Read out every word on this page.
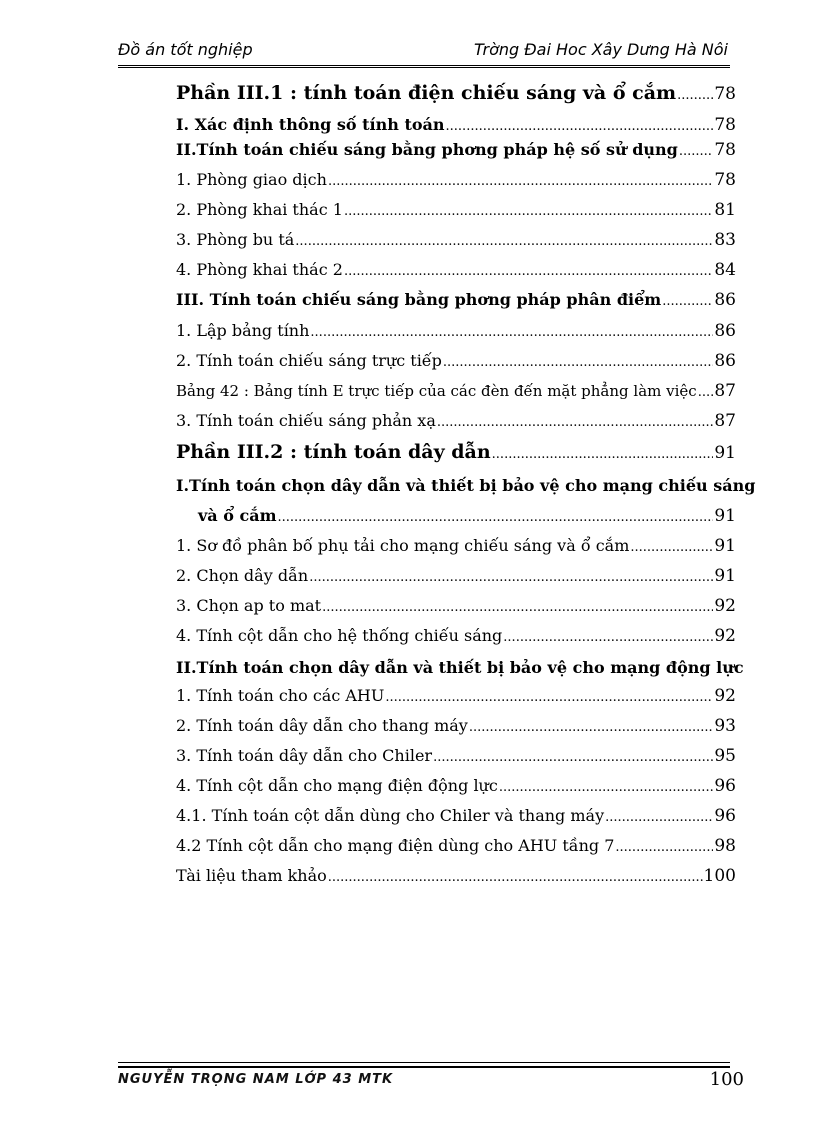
Đồ án tốt nghiệp	Trờng Đai Hoc Xây Dưng Hà Nôi
Phần III.1 : tính toán điện chiếu sáng và ổ cắm ..... 78
I. Xác định thông số tính toán .....	78
II.Tính toán chiếu sáng bằng phơng pháp hệ số sử dụng ..... 78
1. Phòng giao dịch .....	78
2. Phòng khai thác 1 .....	81
3. Phòng bu tá .....	83
4. Phòng khai thác 2 .....	84
III. Tính toán chiếu sáng bằng phơng pháp phân điểm .....	86
1. Lập bảng tính .....	86
2. Tính toán chiếu sáng trực tiếp .....	86
Bảng 42 : Bảng tính E trực tiếp của các đèn đến mặt phẳng làm việc ..... 87
3. Tính toán chiếu sáng phản xạ .....	87
Phần III.2 : tính toán dây dẫn .....	91
I.Tính toán chọn dây dẫn và thiết bị bảo vệ cho mạng chiếu sáng
và ổ cắm .....	91
1. Sơ đồ phân bố phụ tải cho mạng chiếu sáng và ổ cắm .....	91
2. Chọn dây dẫn .....	91
3. Chọn ap to mat .....	92
4. Tính cột dẫn cho hệ thống chiếu sáng .....	92
II.Tính toán chọn dây dẫn và thiết bị bảo vệ cho mạng động lực
1. Tính toán cho các AHU .....	92
2. Tính toán dây dẫn cho thang máy .....	93
3. Tính toán dây dẫn cho Chiler .....	95
4. Tính cột dẫn cho mạng điện động lực .....	96
4.1. Tính toán cột dẫn dùng cho Chiler và thang máy .....	96
4.2 Tính cột dẫn cho mạng điện dùng cho AHU tầng 7 .....	98
Tài liệu tham khảo .....	100
NGUYỄN TRỌNG NAM LỚP 43 MTK	100
